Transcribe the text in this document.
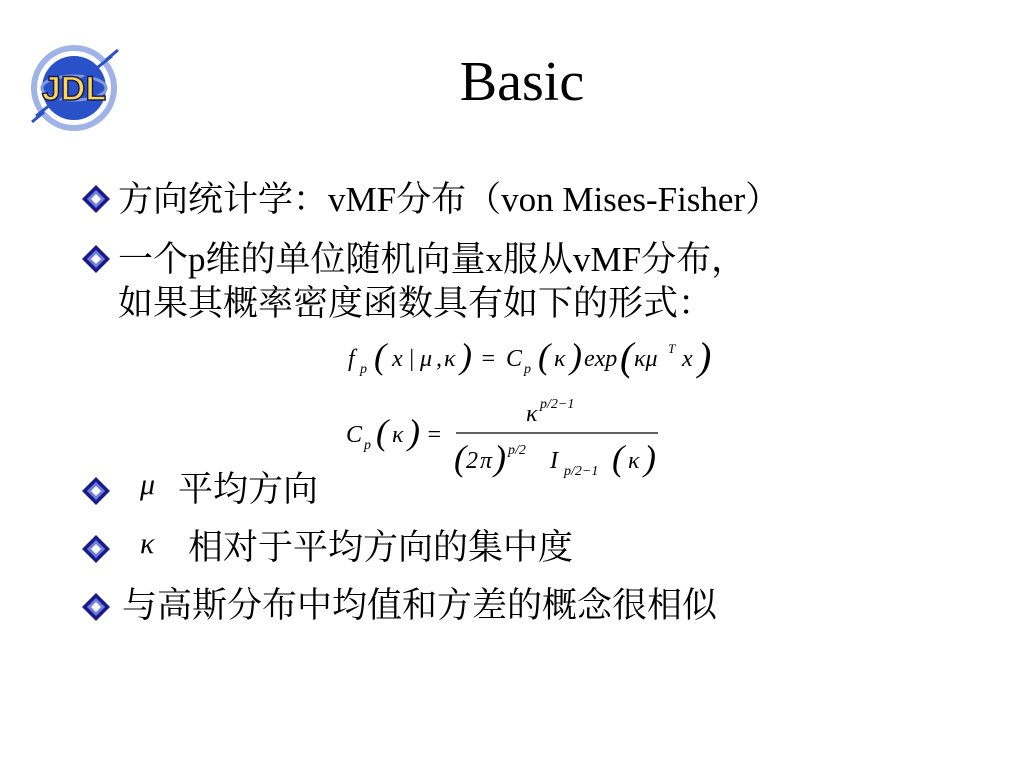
JDL	Basic
方向统计学：vMF分布（von Mises-Fisher）
一个p维的单位随机向量x服从vMF分布，
如果其概率密度函数具有如下的形式：
f p ( x | μ , κ ) = C p ( κ ) exp ( κμ T x )
C p ( κ ) =
κ p/2−1
( 2 π ) p/2 I p/2−1 ( κ )
μ 平均方向
κ 相对于平均方向的集中度
与高斯分布中均值和方差的概念很相似
